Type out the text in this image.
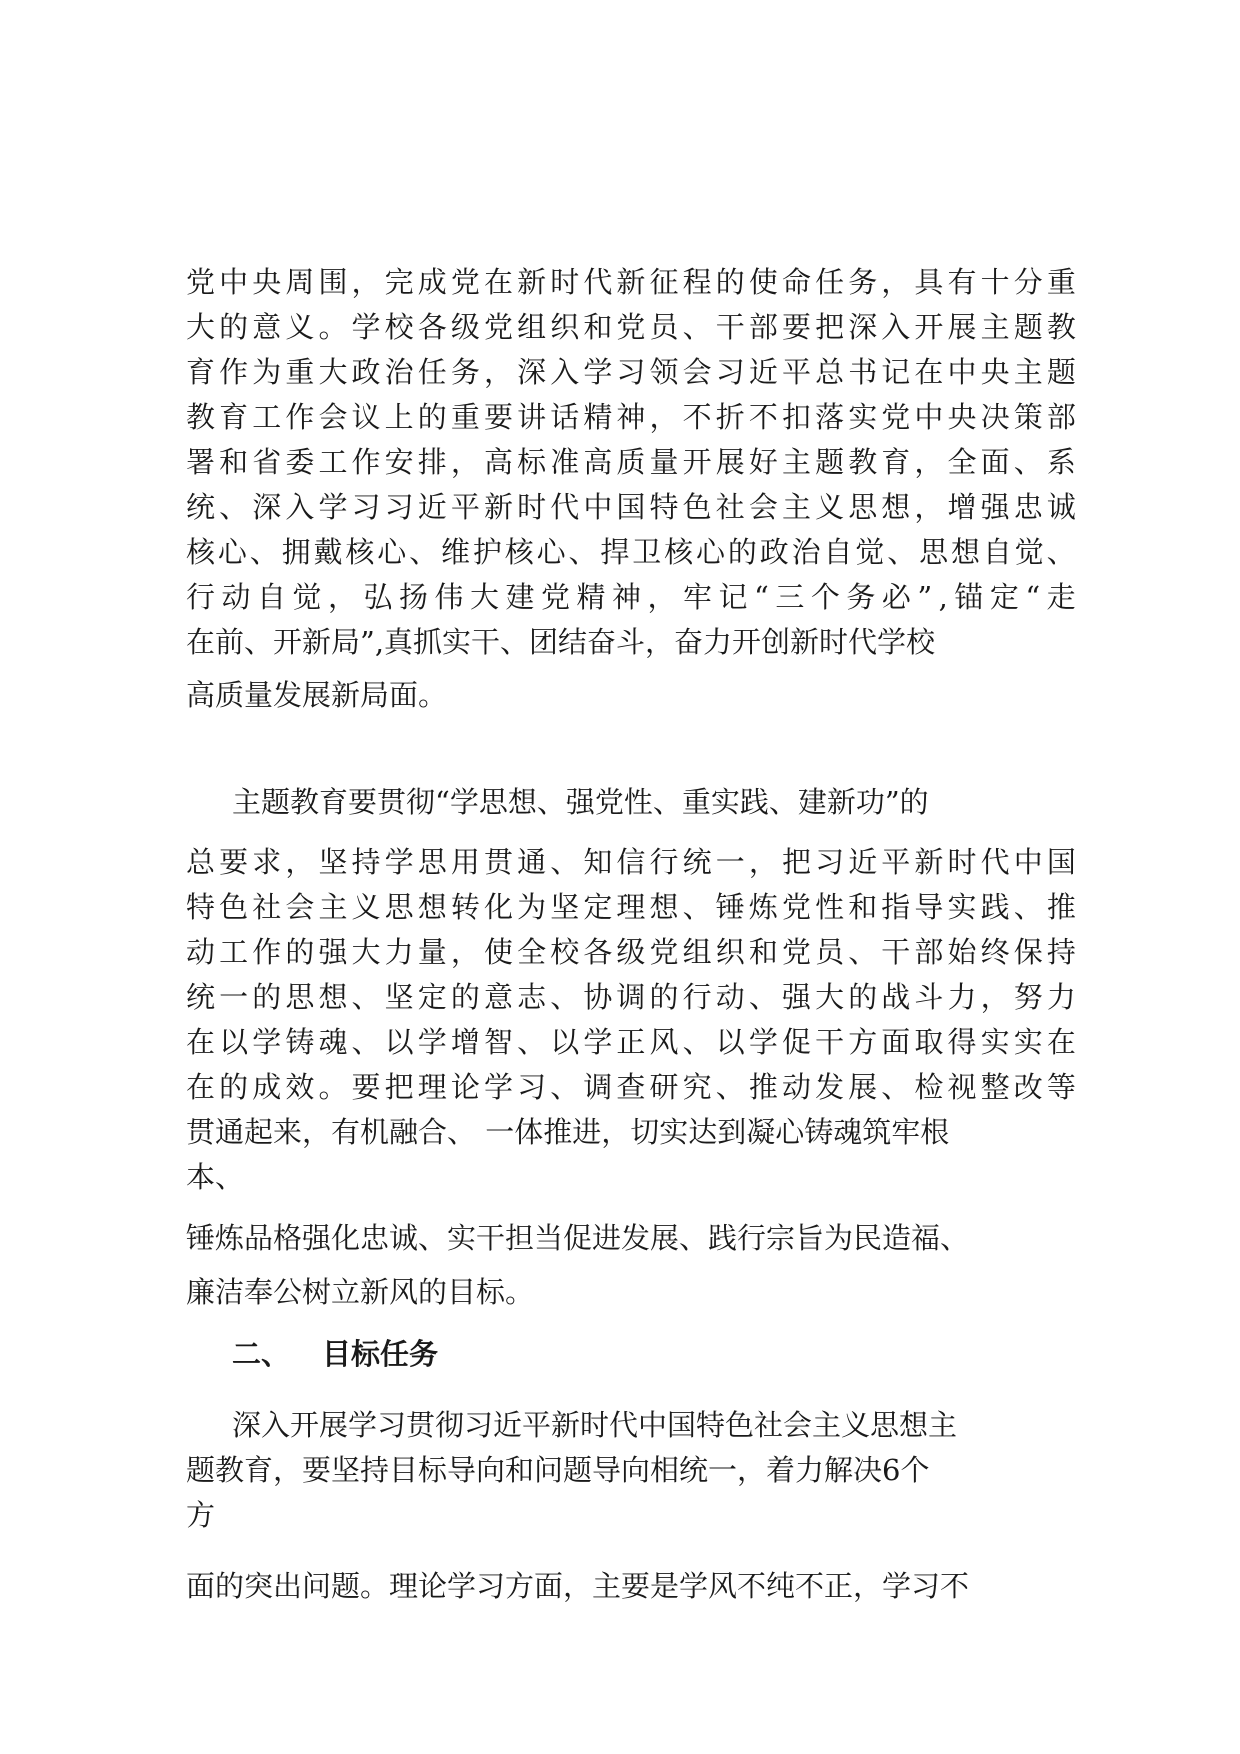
党 中 央 周 围 ， 完 成 党 在 新 时 代 新 征 程 的 使 命 任 务 ， 具 有 十 分 重
大 的 意 义 。 学 校 各 级 党 组 织 和 党 员 、 干 部 要 把 深 入 开 展 主 题 教
育 作 为 重 大 政 治 任 务 ， 深 入 学 习 领 会 习 近 平 总 书 记 在 中 央 主 题
教 育 工 作 会 议 上 的 重 要 讲 话 精 神 ， 不 折 不 扣 落 实 党 中 央 决 策 部
署 和 省 委 工 作 安 排 ， 高 标 准 高 质 量 开 展 好 主 题 教 育 ， 全 面 、 系
统 、 深 入 学 习 习 近 平 新 时 代 中 国 特 色 社 会 主 义 思 想 ， 增 强 忠 诚
核 心 、 拥 戴 核 心 、 维 护 核 心 、 捍 卫 核 心 的 政 治 自 觉 、 思 想 自 觉 、
行 动 自 觉 ， 弘 扬 伟 大 建 党 精 神 ， 牢 记 “ 三 个 务 必 ” , 锚 定 “ 走
在前、开新局”,真抓实干、团结奋斗，奋力开创新时代学校
高质量发展新局面。
主题教育要贯彻“学思想、强党性、重实践、建新功”的
总 要 求 ， 坚 持 学 思 用 贯 通 、 知 信 行 统 一 ， 把 习 近 平 新 时 代 中 国
特 色 社 会 主 义 思 想 转 化 为 坚 定 理 想 、 锤 炼 党 性 和 指 导 实 践 、 推
动 工 作 的 强 大 力 量 ， 使 全 校 各 级 党 组 织 和 党 员 、 干 部 始 终 保 持
统 一 的 思 想 、 坚 定 的 意 志 、 协 调 的 行 动 、 强 大 的 战 斗 力 ， 努 力
在 以 学 铸 魂 、 以 学 增 智 、 以 学 正 风 、 以 学 促 干 方 面 取 得 实 实 在
在 的 成 效 。 要 把 理 论 学 习 、 调 查 研 究 、 推 动 发 展 、 检 视 整 改 等
贯通起来，有机融合、 一体推进，切实达到凝心铸魂筑牢根
本、
锤炼品格强化忠诚、实干担当促进发展、践行宗旨为民造福、
廉洁奉公树立新风的目标。
二、 目标任务
深入开展学习贯彻习近平新时代中国特色社会主义思想主
题教育，要坚持目标导向和问题导向相统一，着力解决6个
方
面的突出问题。理论学习方面，主要是学风不纯不正，学习不
